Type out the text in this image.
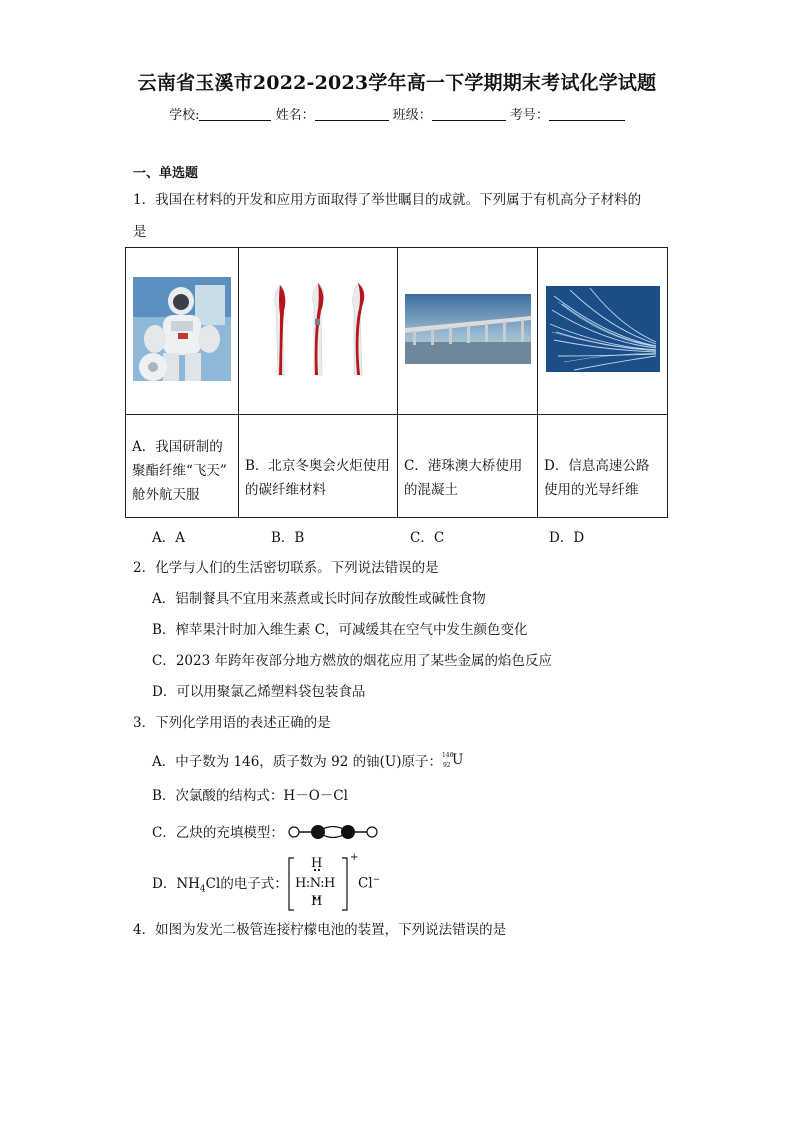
云南省玉溪市2022-2023学年高一下学期期末考试化学试题
学校:	姓名：	班级：	考号：
一、单选题
1．我国在材料的开发和应用方面取得了举世瞩目的成就。下列属于有机高分子材料的
是

A．我国研制的
聚酯纤维“飞天”
舱外航天服	B．北京冬奥会火炬使用
的碳纤维材料	C．港珠澳大桥使用
的混凝土	D．信息高速公路
使用的光导纤维
A．A	B．B	C．C	D．D
2．化学与人们的生活密切联系。下列说法错误的是
A．铝制餐具不宜用来蒸煮或长时间存放酸性或碱性食物
B．榨苹果汁时加入维生素 C，可减缓其在空气中发生颜色变化
C．2023 年跨年夜部分地方燃放的烟花应用了某些金属的焰色反应
D．可以用聚氯乙烯塑料袋包装食品
3．下列化学用语的表述正确的是
A．中子数为 146，质子数为 92 的铀(U)原子： 146
92 U
B．次氯酸的结构式：H－O－Cl
C．乙炔的充填模型：
D．$NH_4Cl$的电子式：
H
H:N:H
H
+
Cl−
4．如图为发光二极管连接柠檬电池的装置，下列说法错误的是
